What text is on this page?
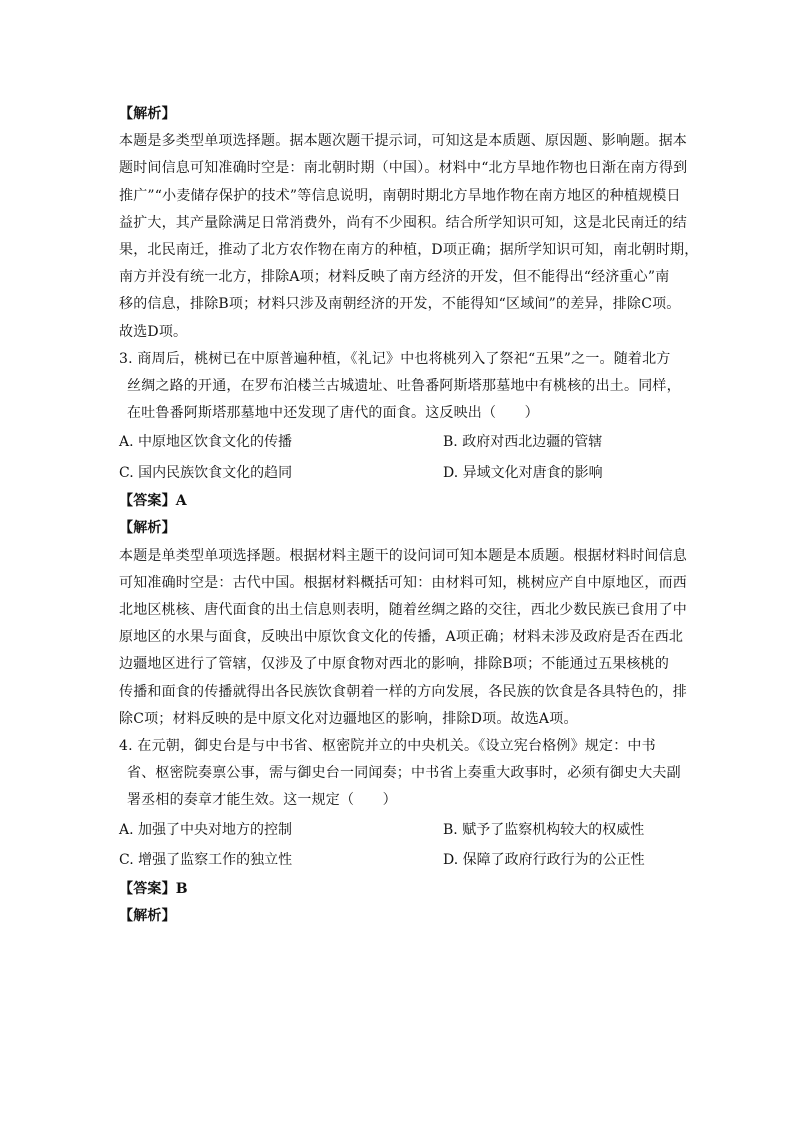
【解析】
本题是多类型单项选择题。据本题次题干提示词，可知这是本质题、原因题、影响题。据本
题时间信息可知准确时空是：南北朝时期（中国）。材料中“北方旱地作物也日渐在南方得到
推广”“小麦储存保护的技术”等信息说明，南朝时期北方旱地作物在南方地区的种植规模日
益扩大，其产量除满足日常消费外，尚有不少囤积。结合所学知识可知，这是北民南迁的结
果，北民南迁，推动了北方农作物在南方的种植，D项正确；据所学知识可知，南北朝时期，
南方并没有统一北方，排除A项；材料反映了南方经济的开发，但不能得出“经济重心”南
移的信息，排除B项；材料只涉及南朝经济的开发，不能得知“区域间”的差异，排除C项。
故选D项。
3. 商周后，桃树已在中原普遍种植，《礼记》中也将桃列入了祭祀“五果”之一。随着北方
丝绸之路的开通，在罗布泊楼兰古城遗址、吐鲁番阿斯塔那墓地中有桃核的出土。同样，
在吐鲁番阿斯塔那墓地中还发现了唐代的面食。这反映出（　　）
A. 中原地区饮食文化的传播	B. 政府对西北边疆的管辖
C. 国内民族饮食文化的趋同	D. 异域文化对唐食的影响
【答案】A
【解析】
本题是单类型单项选择题。根据材料主题干的设问词可知本题是本质题。根据材料时间信息
可知准确时空是：古代中国。根据材料概括可知：由材料可知，桃树应产自中原地区，而西
北地区桃核、唐代面食的出土信息则表明，随着丝绸之路的交往，西北少数民族已食用了中
原地区的水果与面食，反映出中原饮食文化的传播，A项正确；材料未涉及政府是否在西北
边疆地区进行了管辖，仅涉及了中原食物对西北的影响，排除B项；不能通过五果核桃的
传播和面食的传播就得出各民族饮食朝着一样的方向发展，各民族的饮食是各具特色的，排
除C项；材料反映的是中原文化对边疆地区的影响，排除D项。故选A项。
4. 在元朝，御史台是与中书省、枢密院并立的中央机关。《设立宪台格例》规定：中书
省、枢密院奏禀公事，需与御史台一同闻奏；中书省上奏重大政事时，必须有御史大夫副
署丞相的奏章才能生效。这一规定（　　）
A. 加强了中央对地方的控制	B. 赋予了监察机构较大的权威性
C. 增强了监察工作的独立性	D. 保障了政府行政行为的公正性
【答案】B
【解析】
